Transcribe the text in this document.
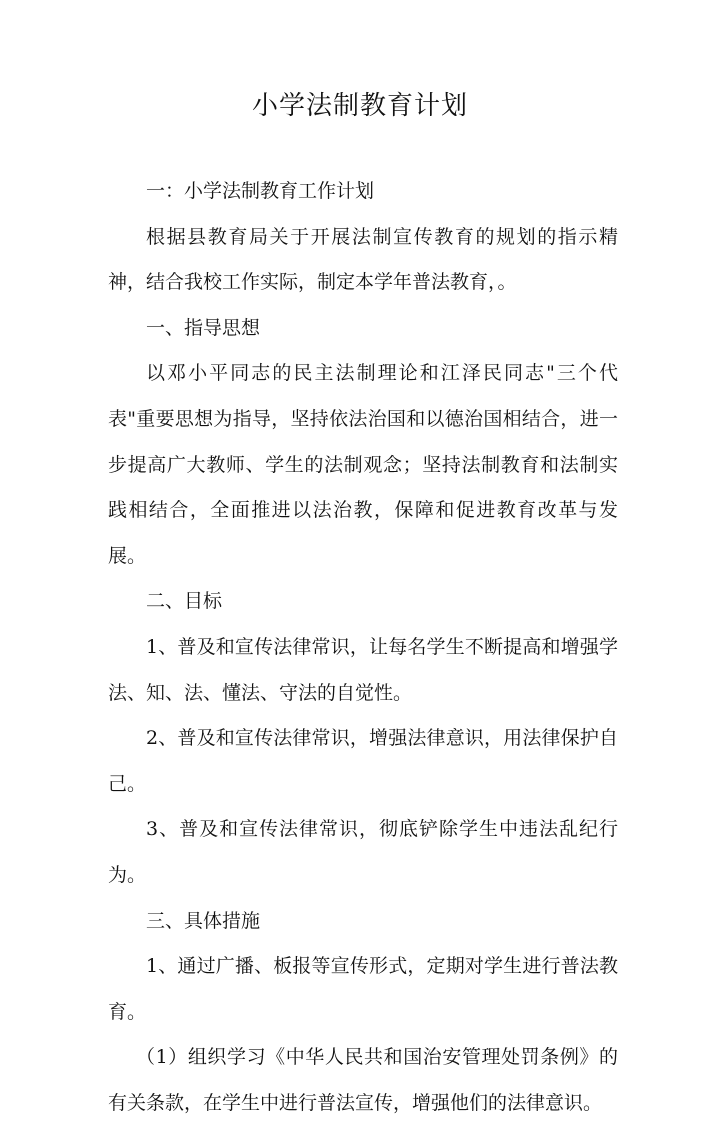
小学法制教育计划

一：小学法制教育工作计划

根据县教育局关于开展法制宣传教育的规划的指示精神，结合我校工作实际，制定本学年普法教育，。

一、指导思想

以邓小平同志的民主法制理论和江泽民同志"三个代表"重要思想为指导，坚持依法治国和以德治国相结合，进一步提高广大教师、学生的法制观念；坚持法制教育和法制实践相结合，全面推进以法治教，保障和促进教育改革与发展。

二、目标

1、普及和宣传法律常识，让每名学生不断提高和增强学法、知、法、懂法、守法的自觉性。

2、普及和宣传法律常识，增强法律意识，用法律保护自己。

3、普及和宣传法律常识，彻底铲除学生中违法乱纪行为。

三、具体措施

1、通过广播、板报等宣传形式，定期对学生进行普法教育。

（1）组织学习《中华人民共和国治安管理处罚条例》的有关条款，在学生中进行普法宣传，增强他们的法律意识。
